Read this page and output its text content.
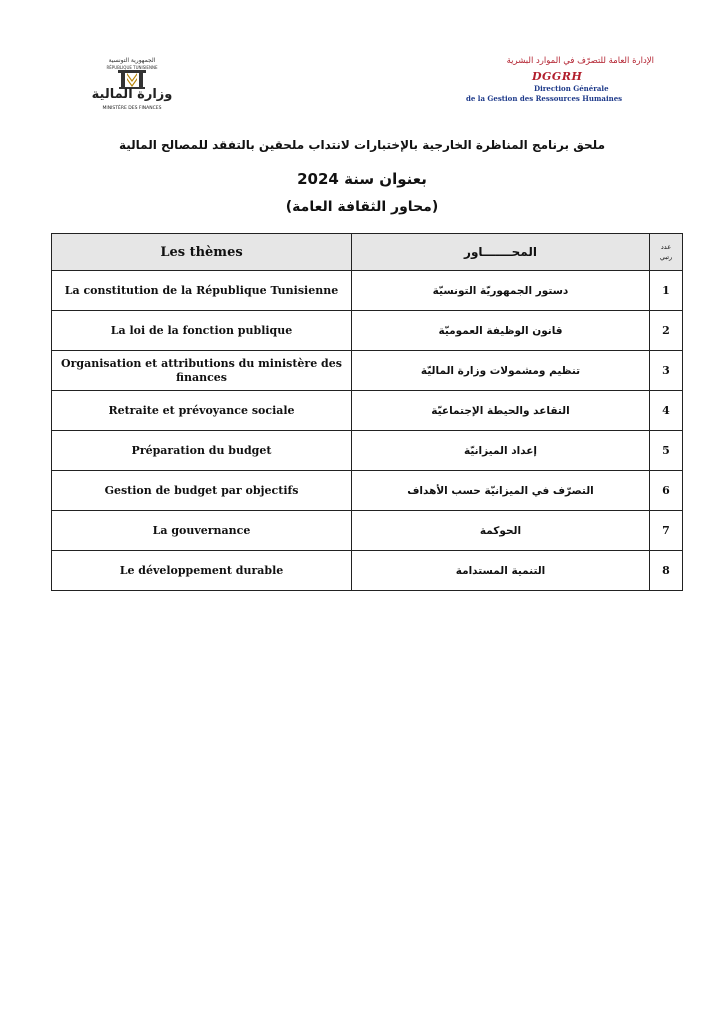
الجمهورية التونسية
RÉPUBLIQUE TUNISIENNE
وزارة المالية
MINISTÈRE DES FINANCES
الإدارة العامة للتصرّف في الموارد البشرية
DGGRH
Direction Générale
de la Gestion des Ressources Humaines
ملحق برنامج المناظرة الخارجية بالإختبارات لانتداب ملحقين بالتفقد للمصالح المالية
بعنوان سنة 2024
(محاور الثقافة العامة)
Les thèmes	المحـــــــاور	عدد
رتبي

La constitution de la République Tunisienne	دستور الجمهوريّة التونسيّة	1
La loi de la fonction publique	قانون الوظيفة العموميّة	2
Organisation et attributions du ministère des finances	تنظيم ومشمولات وزارة الماليّة	3
Retraite et prévoyance sociale	التقاعد والحيطة الإجتماعيّة	4
Préparation du budget	إعداد الميزانيّة	5
Gestion de budget par objectifs	التصرّف في الميزانيّة حسب الأهداف	6
La gouvernance	الحوكمة	7
Le développement durable	التنمية المستدامة	8
